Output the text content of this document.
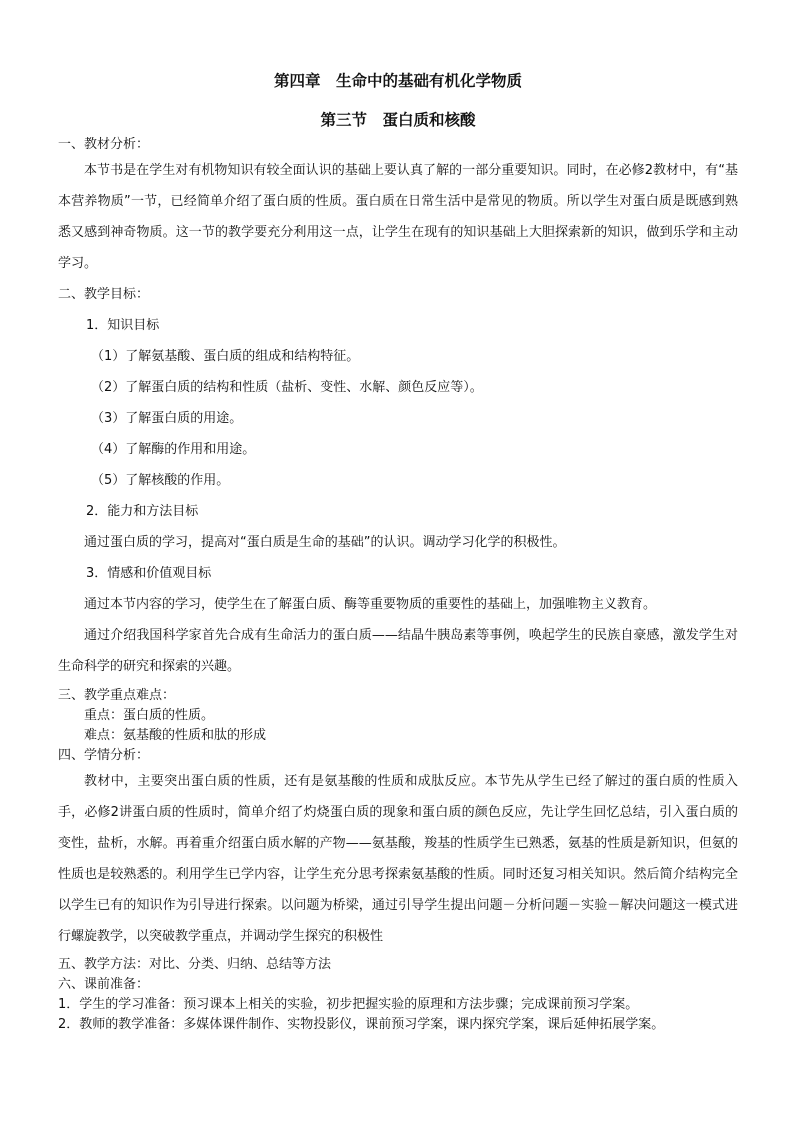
第四章　生命中的基础有机化学物质
第三节　蛋白质和核酸

一、教材分析：

本节书是在学生对有机物知识有较全面认识的基础上要认真了解的一部分重要知识。同时，在必修2教材中，有“基本营养物质”一节，已经简单介绍了蛋白质的性质。蛋白质在日常生活中是常见的物质。所以学生对蛋白质是既感到熟悉又感到神奇物质。这一节的教学要充分利用这一点，让学生在现有的知识基础上大胆探索新的知识，做到乐学和主动学习。

二、教学目标：

1．知识目标

（1）了解氨基酸、蛋白质的组成和结构特征。

（2）了解蛋白质的结构和性质（盐析、变性、水解、颜色反应等）。

（3）了解蛋白质的用途。

（4）了解酶的作用和用途。

（5）了解核酸的作用。

2．能力和方法目标

通过蛋白质的学习，提高对“蛋白质是生命的基础”的认识。调动学习化学的积极性。

3．情感和价值观目标

通过本节内容的学习，使学生在了解蛋白质、酶等重要物质的重要性的基础上，加强唯物主义教育。

通过介绍我国科学家首先合成有生命活力的蛋白质——结晶牛胰岛素等事例，唤起学生的民族自豪感，激发学生对生命科学的研究和探索的兴趣。

三、教学重点难点：

重点：蛋白质的性质。

难点：氨基酸的性质和肽的形成

四、学情分析：

教材中，主要突出蛋白质的性质，还有是氨基酸的性质和成肽反应。本节先从学生已经了解过的蛋白质的性质入手，必修2讲蛋白质的性质时，简单介绍了灼烧蛋白质的现象和蛋白质的颜色反应，先让学生回忆总结，引入蛋白质的变性，盐析，水解。再着重介绍蛋白质水解的产物——氨基酸，羧基的性质学生已熟悉，氨基的性质是新知识，但氨的性质也是较熟悉的。利用学生已学内容，让学生充分思考探索氨基酸的性质。同时还复习相关知识。然后简介结构完全以学生已有的知识作为引导进行探索。以问题为桥梁，通过引导学生提出问题－分析问题－实验－解决问题这一模式进行螺旋教学，以突破教学重点，并调动学生探究的积极性

五、教学方法：对比、分类、归纳、总结等方法

六、课前准备：

1．学生的学习准备：预习课本上相关的实验，初步把握实验的原理和方法步骤；完成课前预习学案。

2．教师的教学准备：多媒体课件制作、实物投影仪，课前预习学案，课内探究学案，课后延伸拓展学案。
